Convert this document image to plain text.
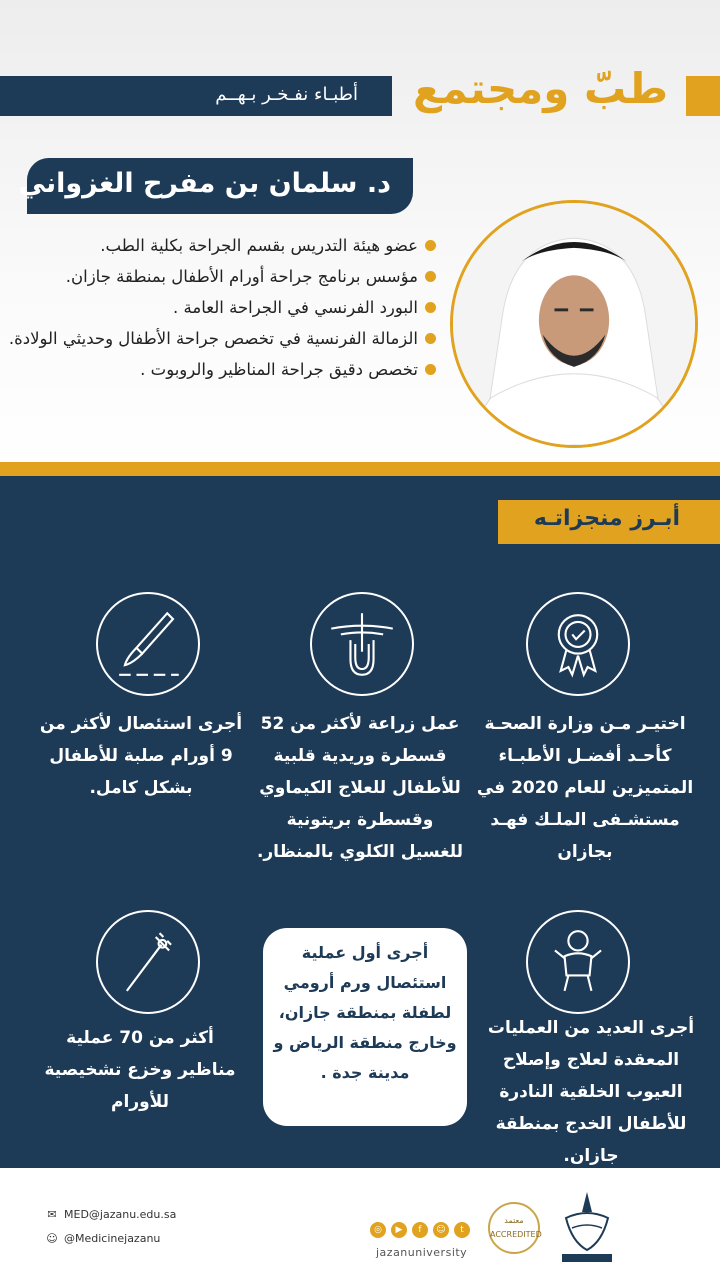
أطبـاء نفـخـر بـهــم طبّ ومجتمع
د. سلمان بن مفرح الغزواني
عضو هيئة التدريس بقسم الجراحة بكلية الطب.
مؤسس برنامج جراحة أورام الأطفال بمنطقة جازان.
البورد الفرنسي في الجراحة العامة .
الزمالة الفرنسية في تخصص جراحة الأطفال وحديثي الولادة.
تخصص دقيق جراحة المناظير والروبوت .
أبـرز منجزاتـه
اختيـر مـن وزارة الصحـة كأحـد أفضـل الأطبـاء المتميزين للعام 2020 في مستشـفى الملـك فهـد بجازان
عمل زراعة لأكثر من 52 قسطرة وريدية قلبية للأطفال للعلاج الكيماوي وقسطرة بريتونية للغسيل الكلوي بالمنظار.
أجرى استئصال لأكثر من 9 أورام صلبة للأطفال بشكل كامل.
أجرى العديد من العمليات المعقدة لعلاج وإصلاح العيوب الخلقية النادرة للأطفال الخدج بمنطقة جازان.
أجرى أول عملية استئصال ورم أرومي لطفلة بمنطقة جازان، وخارج منطقة الرياض و مدينة جدة .
أكثر من 70 عملية مناظير وخزع تشخيصية للأورام
✉ MED@jazanu.edu.sa
☺ @Medicinejazanu
◎	▶	f	☺	t
jazanuniversity
معتمد
ACCREDITED
